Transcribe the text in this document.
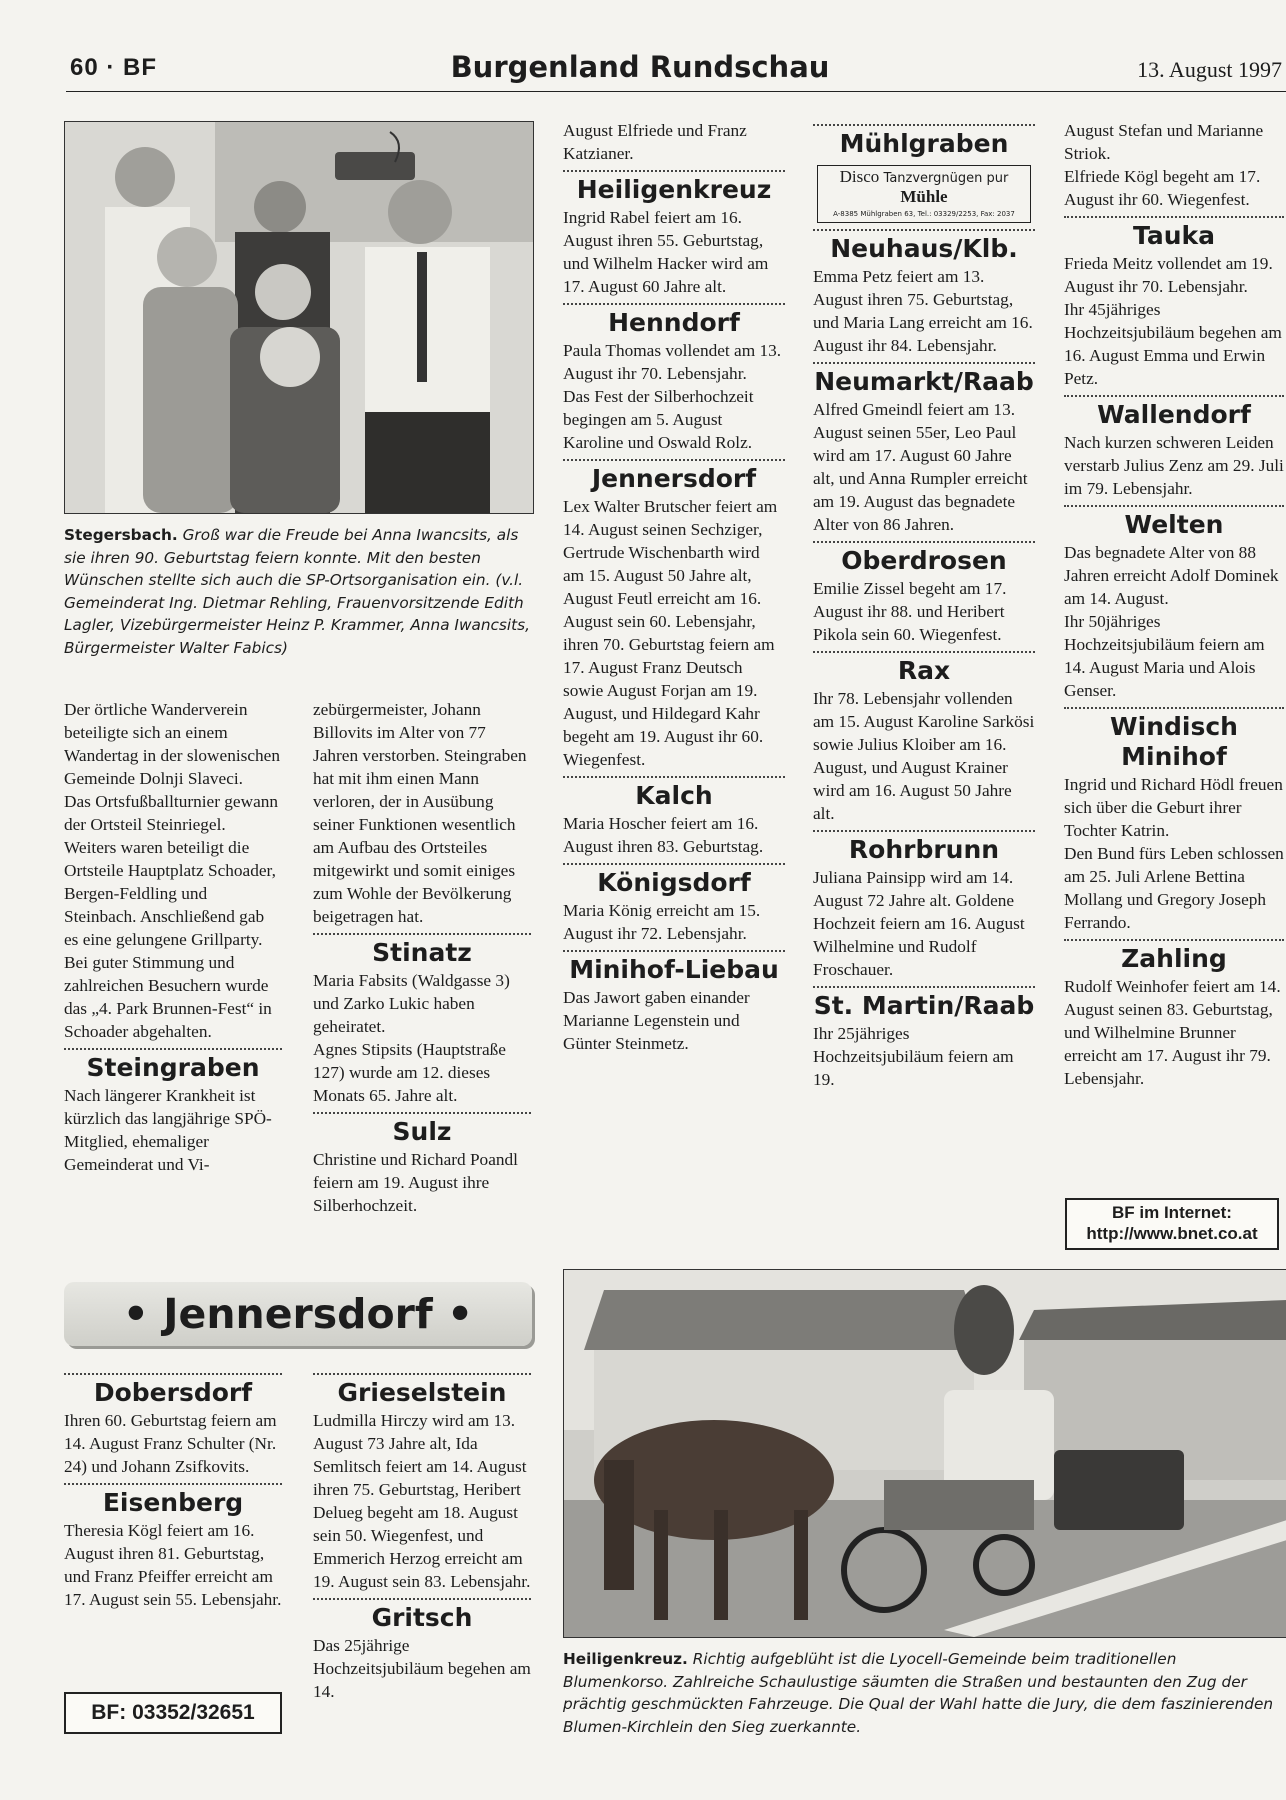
60 · BF	Burgenland Rundschau	13. August 1997
Stegersbach. Groß war die Freude bei Anna Iwancsits, als sie ihren 90. Geburtstag feiern konnte. Mit den besten Wünschen stellte sich auch die SP-Ortsorganisation ein. (v.l. Gemeinderat Ing. Dietmar Rehling, Frauenvorsitzende Edith Lagler, Vizebürgermeister Heinz P. Krammer, Anna Iwancsits, Bürgermeister Walter Fabics)

Der örtliche Wanderverein beteiligte sich an einem Wandertag in der slowenischen Gemeinde Dolnji Slaveci.

Das Ortsfußballturnier gewann der Ortsteil Steinriegel. Weiters waren beteiligt die Ortsteile Hauptplatz Schoader, Bergen-Feldling und Steinbach. Anschließend gab es eine gelungene Grillparty.

Bei guter Stimmung und zahlreichen Besuchern wurde das „4. Park Brunnen-Fest“ in Schoader abgehalten.

Steingraben

Nach längerer Krankheit ist kürzlich das langjährige SPÖ-Mitglied, ehemaliger Gemeinderat und Vi-

zebürgermeister, Johann Billovits im Alter von 77 Jahren verstorben. Steingraben hat mit ihm einen Mann verloren, der in Ausübung seiner Funktionen wesentlich am Aufbau des Ortsteiles mitgewirkt und somit einiges zum Wohle der Bevölkerung beigetragen hat.

Stinatz

Maria Fabsits (Waldgasse 3) und Zarko Lukic haben geheiratet.

Agnes Stipsits (Hauptstraße 127) wurde am 12. dieses Monats 65. Jahre alt.

Sulz

Christine und Richard Poandl feiern am 19. August ihre Silberhochzeit.

August Elfriede und Franz Katzianer.

Heiligenkreuz

Ingrid Rabel feiert am 16. August ihren 55. Geburtstag, und Wilhelm Hacker wird am 17. August 60 Jahre alt.

Henndorf

Paula Thomas vollendet am 13. August ihr 70. Lebensjahr.

Das Fest der Silberhochzeit begingen am 5. August Karoline und Oswald Rolz.

Jennersdorf

Lex Walter Brutscher feiert am 14. August seinen Sechziger, Gertrude Wischenbarth wird am 15. August 50 Jahre alt, August Feutl erreicht am 16. August sein 60. Lebensjahr, ihren 70. Geburtstag feiern am 17. August Franz Deutsch sowie August Forjan am 19. August, und Hildegard Kahr begeht am 19. August ihr 60. Wiegenfest.

Kalch

Maria Hoscher feiert am 16. August ihren 83. Geburtstag.

Königsdorf

Maria König erreicht am 15. August ihr 72. Lebensjahr.

Minihof-Liebau

Das Jawort gaben einander Marianne Legenstein und Günter Steinmetz.

Mühlgraben
Disco Tanzvergnügen pur
Mühle
A-8385 Mühlgraben 63, Tel.: 03329/2253, Fax: 2037
Neuhaus/Klb.

Emma Petz feiert am 13. August ihren 75. Geburtstag, und Maria Lang erreicht am 16. August ihr 84. Lebensjahr.

Neumarkt/Raab

Alfred Gmeindl feiert am 13. August seinen 55er, Leo Paul wird am 17. August 60 Jahre alt, und Anna Rumpler erreicht am 19. August das begnadete Alter von 86 Jahren.

Oberdrosen

Emilie Zissel begeht am 17. August ihr 88. und Heribert Pikola sein 60. Wiegenfest.

Rax

Ihr 78. Lebensjahr vollenden am 15. August Karoline Sarkösi sowie Julius Kloiber am 16. August, und August Krainer wird am 16. August 50 Jahre alt.

Rohrbrunn

Juliana Painsipp wird am 14. August 72 Jahre alt. Goldene Hochzeit feiern am 16. August Wilhelmine und Rudolf Froschauer.

St. Martin/Raab

Ihr 25jähriges Hochzeitsjubiläum feiern am 19.

August Stefan und Marianne Striok.

Elfriede Kögl begeht am 17. August ihr 60. Wiegenfest.

Tauka

Frieda Meitz vollendet am 19. August ihr 70. Lebensjahr.

Ihr 45jähriges Hochzeitsjubiläum begehen am 16. August Emma und Erwin Petz.

Wallendorf

Nach kurzen schweren Leiden verstarb Julius Zenz am 29. Juli im 79. Lebensjahr.

Welten

Das begnadete Alter von 88 Jahren erreicht Adolf Dominek am 14. August.

Ihr 50jähriges Hochzeitsjubiläum feiern am 14. August Maria und Alois Genser.

Windisch Minihof

Ingrid und Richard Hödl freuen sich über die Geburt ihrer Tochter Katrin.

Den Bund fürs Leben schlossen am 25. Juli Arlene Bettina Mollang und Gregory Joseph Ferrando.

Zahling

Rudolf Weinhofer feiert am 14. August seinen 83. Geburtstag, und Wilhelmine Brunner erreicht am 17. August ihr 79. Lebensjahr.

BF im Internet:
http://www.bnet.co.at
• Jennersdorf •
Dobersdorf

Ihren 60. Geburtstag feiern am 14. August Franz Schulter (Nr. 24) und Johann Zsifkovits.

Eisenberg

Theresia Kögl feiert am 16. August ihren 81. Geburtstag, und Franz Pfeiffer erreicht am 17. August sein 55. Lebensjahr.

BF: 03352/32651
Grieselstein

Ludmilla Hirczy wird am 13. August 73 Jahre alt, Ida Semlitsch feiert am 14. August ihren 75. Geburtstag, Heribert Delueg begeht am 18. August sein 50. Wiegenfest, und Emmerich Herzog erreicht am 19. August sein 83. Lebensjahr.

Gritsch

Das 25jährige Hochzeitsjubiläum begehen am 14.

Heiligenkreuz. Richtig aufgeblüht ist die Lyocell-Gemeinde beim traditionellen Blumenkorso. Zahlreiche Schaulustige säumten die Straßen und bestaunten den Zug der prächtig geschmückten Fahrzeuge. Die Qual der Wahl hatte die Jury, die dem faszinierenden Blumen-Kirchlein den Sieg zuerkannte.
